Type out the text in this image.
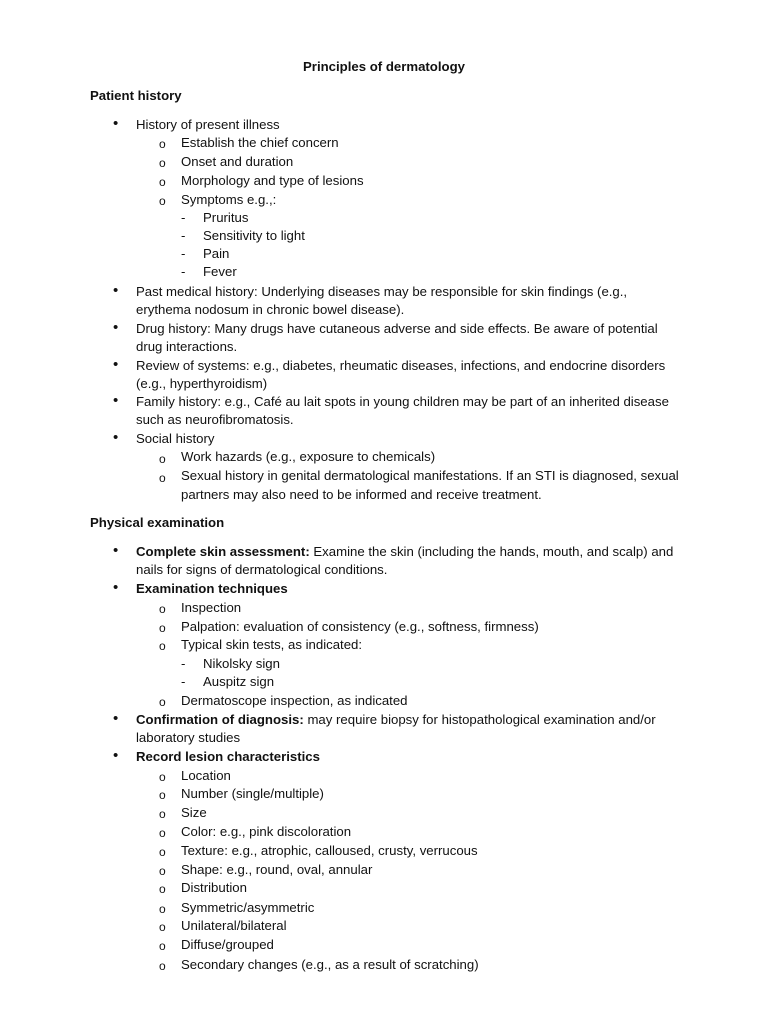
Principles of dermatology
Patient history
• History of present illness
o Establish the chief concern
o Onset and duration
o Morphology and type of lesions
o Symptoms e.g.,:
- Pruritus
- Sensitivity to light
- Pain
- Fever
• Past medical history: Underlying diseases may be responsible for skin findings (e.g.,
erythema nodosum in chronic bowel disease).
• Drug history: Many drugs have cutaneous adverse and side effects. Be aware of potential
drug interactions.
• Review of systems: e.g., diabetes, rheumatic diseases, infections, and endocrine disorders
(e.g., hyperthyroidism)
• Family history: e.g., Café au lait spots in young children may be part of an inherited disease
such as neurofibromatosis.
• Social history
o Work hazards (e.g., exposure to chemicals)
o Sexual history in genital dermatological manifestations. If an STI is diagnosed, sexual
partners may also need to be informed and receive treatment.
Physical examination
• Complete skin assessment: Examine the skin (including the hands, mouth, and scalp) and
nails for signs of dermatological conditions.
• Examination techniques
o Inspection
o Palpation: evaluation of consistency (e.g., softness, firmness)
o Typical skin tests, as indicated:
- Nikolsky sign
- Auspitz sign
o Dermatoscope inspection, as indicated
• Confirmation of diagnosis: may require biopsy for histopathological examination and/or
laboratory studies
• Record lesion characteristics
o Location
o Number (single/multiple)
o Size
o Color: e.g., pink discoloration
o Texture: e.g., atrophic, calloused, crusty, verrucous
o Shape: e.g., round, oval, annular
o Distribution
o Symmetric/asymmetric
o Unilateral/bilateral
o Diffuse/grouped
o Secondary changes (e.g., as a result of scratching)
